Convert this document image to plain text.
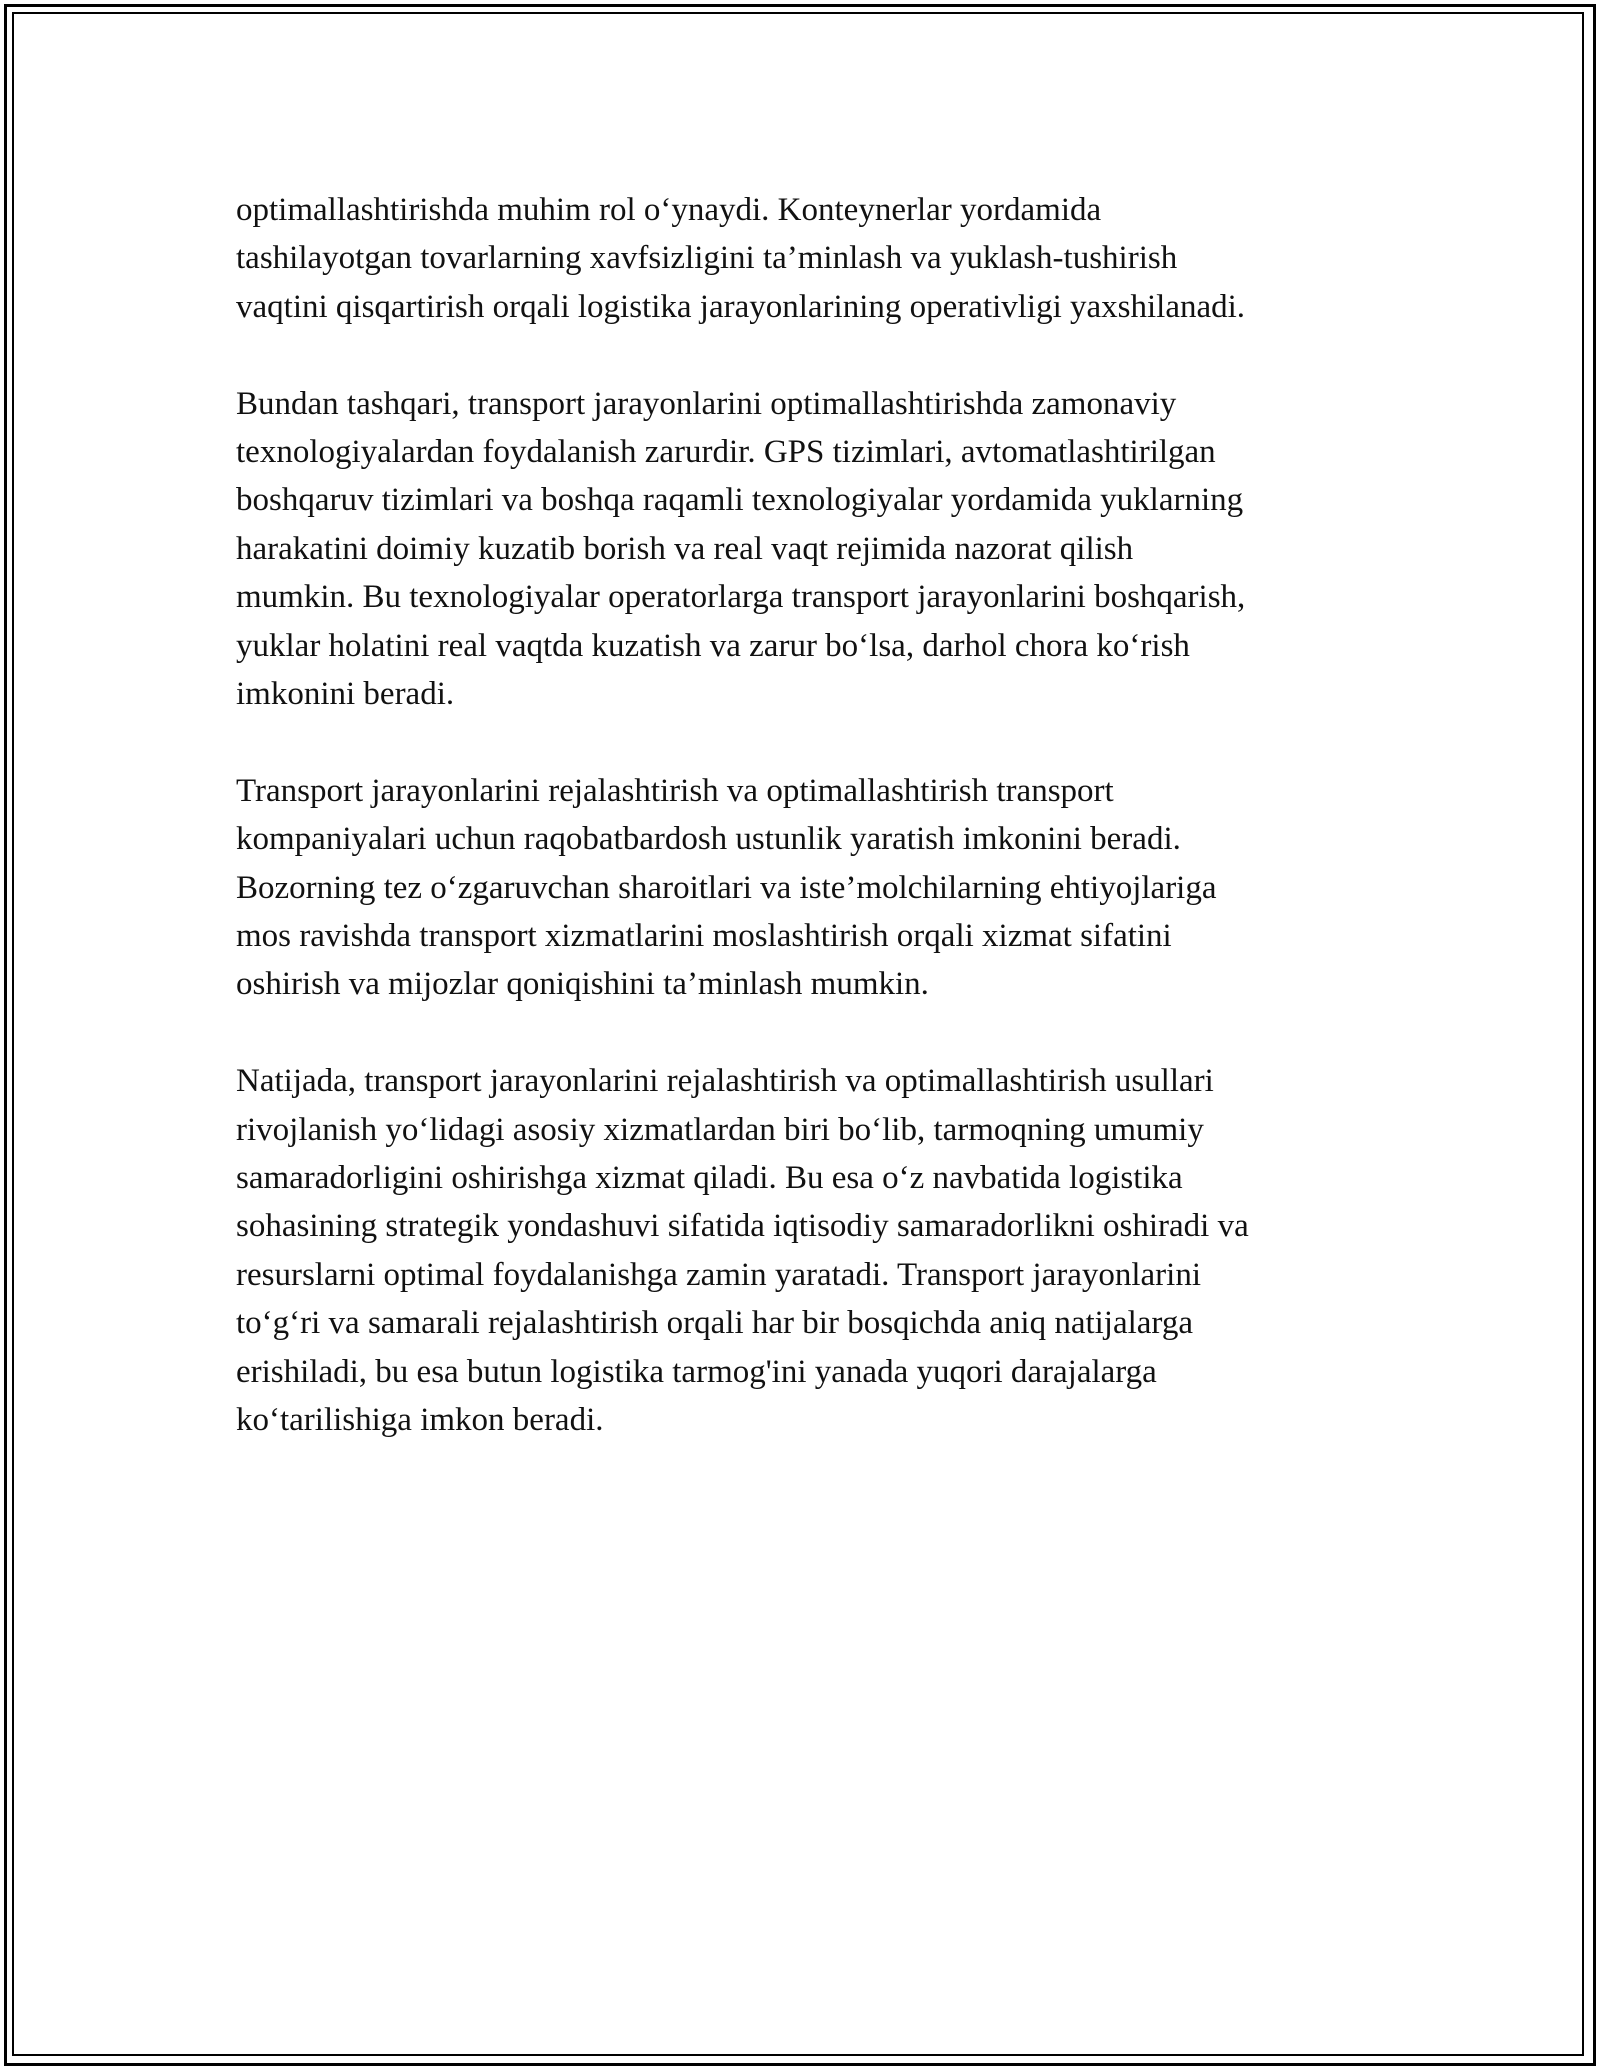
optimallashtirishda muhim rol o‘ynaydi. Konteynerlar yordamida
tashilayotgan tovarlarning xavfsizligini ta’minlash va yuklash-tushirish
vaqtini qisqartirish orqali logistika jarayonlarining operativligi yaxshilanadi.

Bundan tashqari, transport jarayonlarini optimallashtirishda zamonaviy
texnologiyalardan foydalanish zarurdir. GPS tizimlari, avtomatlashtirilgan
boshqaruv tizimlari va boshqa raqamli texnologiyalar yordamida yuklarning
harakatini doimiy kuzatib borish va real vaqt rejimida nazorat qilish
mumkin. Bu texnologiyalar operatorlarga transport jarayonlarini boshqarish,
yuklar holatini real vaqtda kuzatish va zarur bo‘lsa, darhol chora ko‘rish
imkonini beradi.

Transport jarayonlarini rejalashtirish va optimallashtirish transport
kompaniyalari uchun raqobatbardosh ustunlik yaratish imkonini beradi.
Bozorning tez o‘zgaruvchan sharoitlari va iste’molchilarning ehtiyojlariga
mos ravishda transport xizmatlarini moslashtirish orqali xizmat sifatini
oshirish va mijozlar qoniqishini ta’minlash mumkin.

Natijada, transport jarayonlarini rejalashtirish va optimallashtirish usullari
rivojlanish yo‘lidagi asosiy xizmatlardan biri bo‘lib, tarmoqning umumiy
samaradorligini oshirishga xizmat qiladi. Bu esa o‘z navbatida logistika
sohasining strategik yondashuvi sifatida iqtisodiy samaradorlikni oshiradi va
resurslarni optimal foydalanishga zamin yaratadi. Transport jarayonlarini
to‘g‘ri va samarali rejalashtirish orqali har bir bosqichda aniq natijalarga
erishiladi, bu esa butun logistika tarmog'ini yanada yuqori darajalarga
ko‘tarilishiga imkon beradi.
